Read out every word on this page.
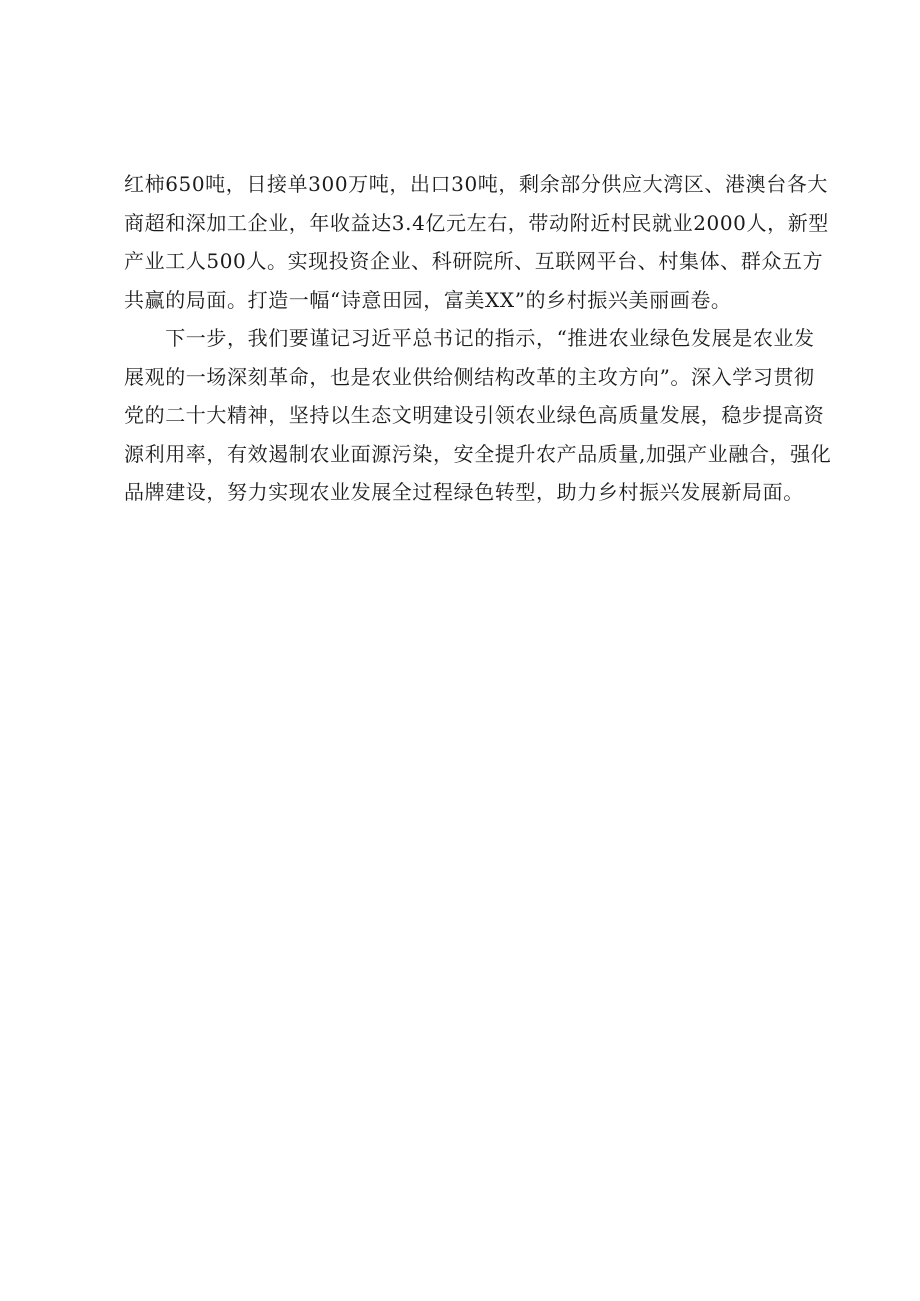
红柿650吨，日接单300万吨，出口30吨，剩余部分供应大湾区、港澳台各大
商超和深加工企业，年收益达3.4亿元左右，带动附近村民就业2000人，新型
产业工人500人。实现投资企业、科研院所、互联网平台、村集体、群众五方
共赢的局面。打造一幅“诗意田园，富美XX”的乡村振兴美丽画卷。
　　下一步，我们要谨记习近平总书记的指示，“推进农业绿色发展是农业发
展观的一场深刻革命，也是农业供给侧结构改革的主攻方向”。深入学习贯彻
党的二十大精神，坚持以生态文明建设引领农业绿色高质量发展，稳步提高资
源利用率，有效遏制农业面源污染，安全提升农产品质量,加强产业融合，强化
品牌建设，努力实现农业发展全过程绿色转型，助力乡村振兴发展新局面。
